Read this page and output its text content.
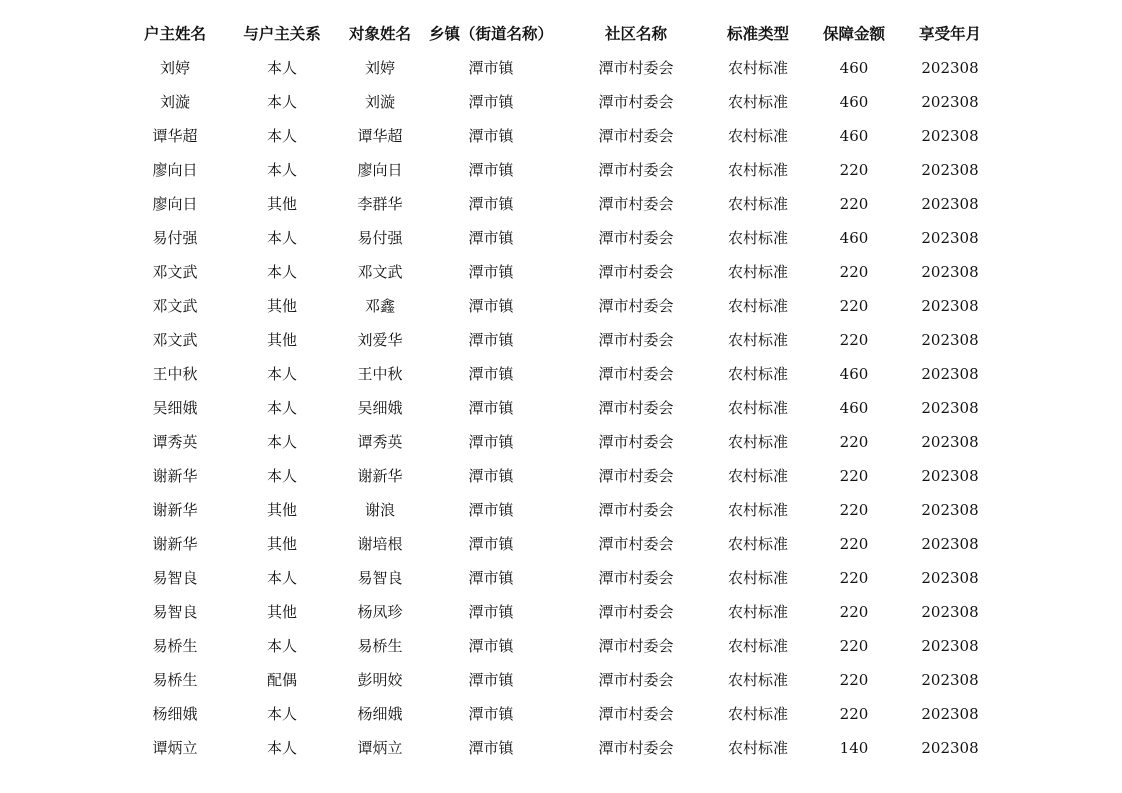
户主姓名	与户主关系	对象姓名	乡镇（街道名称）	社区名称	标准类型	保障金额	享受年月
刘婷	本人	刘婷	潭市镇	潭市村委会	农村标准	460	202308
刘漩	本人	刘漩	潭市镇	潭市村委会	农村标准	460	202308
谭华超	本人	谭华超	潭市镇	潭市村委会	农村标准	460	202308
廖向日	本人	廖向日	潭市镇	潭市村委会	农村标准	220	202308
廖向日	其他	李群华	潭市镇	潭市村委会	农村标准	220	202308
易付强	本人	易付强	潭市镇	潭市村委会	农村标准	460	202308
邓文武	本人	邓文武	潭市镇	潭市村委会	农村标准	220	202308
邓文武	其他	邓鑫	潭市镇	潭市村委会	农村标准	220	202308
邓文武	其他	刘爱华	潭市镇	潭市村委会	农村标准	220	202308
王中秋	本人	王中秋	潭市镇	潭市村委会	农村标准	460	202308
吴细娥	本人	吴细娥	潭市镇	潭市村委会	农村标准	460	202308
谭秀英	本人	谭秀英	潭市镇	潭市村委会	农村标准	220	202308
谢新华	本人	谢新华	潭市镇	潭市村委会	农村标准	220	202308
谢新华	其他	谢浪	潭市镇	潭市村委会	农村标准	220	202308
谢新华	其他	谢培根	潭市镇	潭市村委会	农村标准	220	202308
易智良	本人	易智良	潭市镇	潭市村委会	农村标准	220	202308
易智良	其他	杨凤珍	潭市镇	潭市村委会	农村标准	220	202308
易桥生	本人	易桥生	潭市镇	潭市村委会	农村标准	220	202308
易桥生	配偶	彭明姣	潭市镇	潭市村委会	农村标准	220	202308
杨细娥	本人	杨细娥	潭市镇	潭市村委会	农村标准	220	202308
谭炳立	本人	谭炳立	潭市镇	潭市村委会	农村标准	140	202308
